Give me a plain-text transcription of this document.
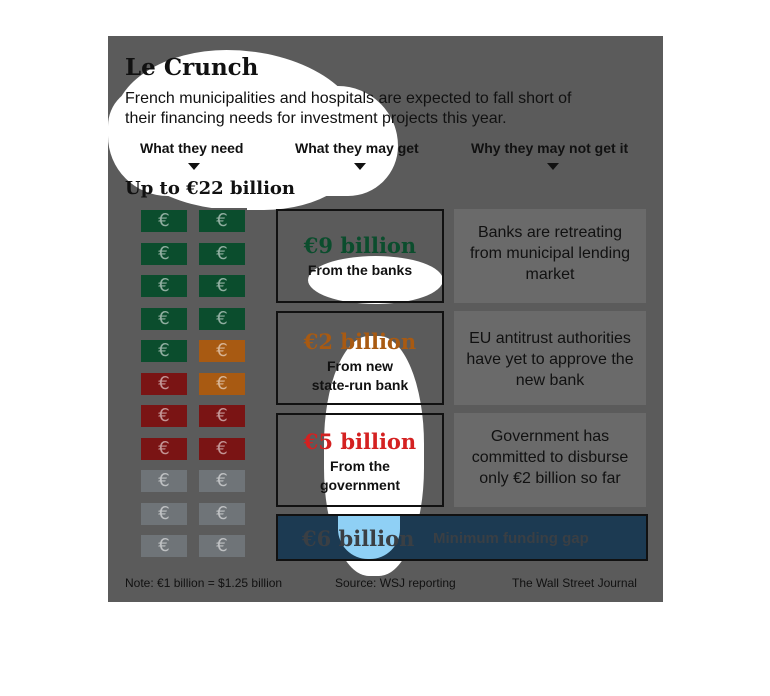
Le Crunch
French municipalities and hospitals are expected to fall short of
their financing needs for investment projects this year.
What they need	What they may get	Why they may not get it
Up to €22 billion
€	€
€	€
€	€
€	€
€	€
€
€
€	€
€	€
€	€
€	€
€	€
€9 billion
From the banks
€2 billion
From new
state-run bank
€5 billion
From the
government
Banks are retreating
from municipal lending
market
EU antitrust authorities
have yet to approve the
new bank
Government has
committed to disburse
only €2 billion so far
€6 billion Minimum funding gap
Note: €1 billion = $1.25 billion	Source: WSJ reporting	The Wall Street Journal
